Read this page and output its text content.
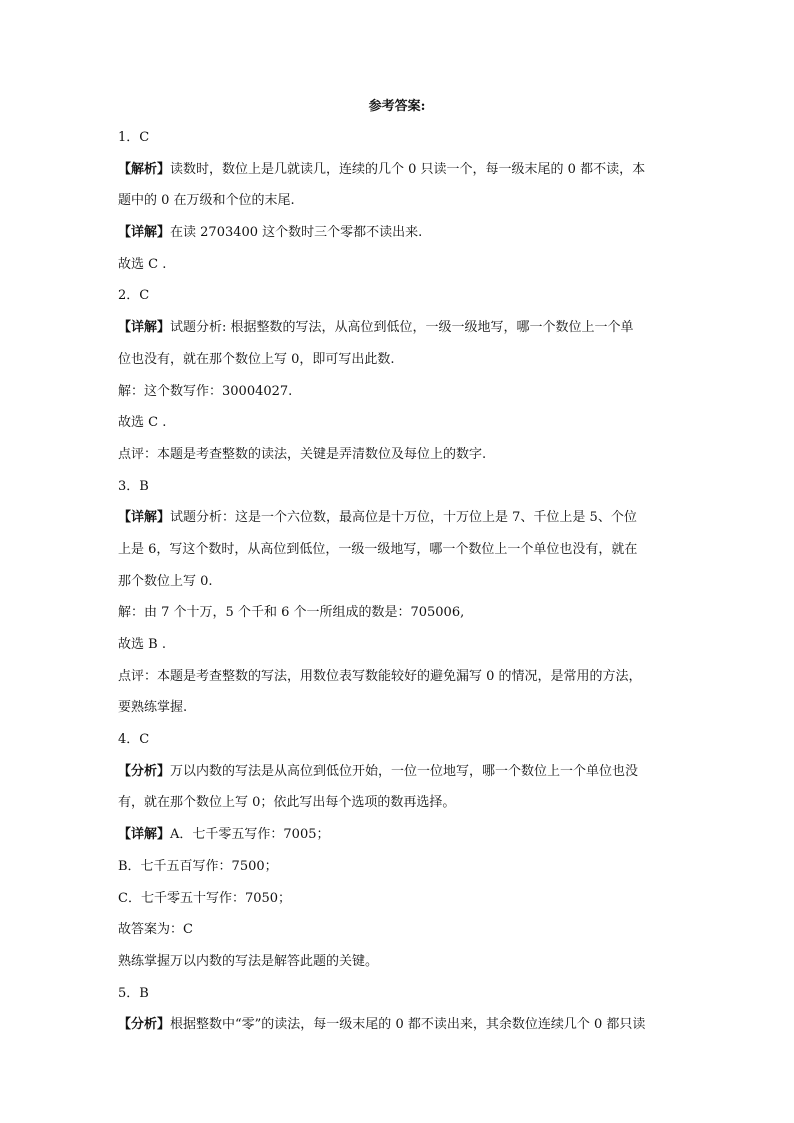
参考答案:
1．C
【解析】读数时，数位上是几就读几，连续的几个 0 只读一个，每一级末尾的 0 都不读，本
题中的 0 在万级和个位的末尾.
【详解】在读 2703400 这个数时三个零都不读出来.
故选 C .
2．C
【详解】试题分析: 根据整数的写法，从高位到低位，一级一级地写，哪一个数位上一个单
位也没有，就在那个数位上写 0，即可写出此数.
解：这个数写作：30004027.
故选 C .
点评：本题是考查整数的读法，关键是弄清数位及每位上的数字.
3．B
【详解】试题分析：这是一个六位数，最高位是十万位，十万位上是 7、千位上是 5、个位
上是 6，写这个数时，从高位到低位，一级一级地写，哪一个数位上一个单位也没有，就在
那个数位上写 0.
解：由 7 个十万，5 个千和 6 个一所组成的数是：705006,
故选 B .
点评：本题是考查整数的写法，用数位表写数能较好的避免漏写 0 的情况，是常用的方法，
要熟练掌握.
4．C
【分析】万以内数的写法是从高位到低位开始，一位一位地写，哪一个数位上一个单位也没
有，就在那个数位上写 0；依此写出每个选项的数再选择。
【详解】A．七千零五写作：7005；
B．七千五百写作：7500；
C．七千零五十写作：7050；
故答案为：C
熟练掌握万以内数的写法是解答此题的关键。
5．B
【分析】根据整数中“零”的读法，每一级末尾的 0 都不读出来，其余数位连续几个 0 都只读
